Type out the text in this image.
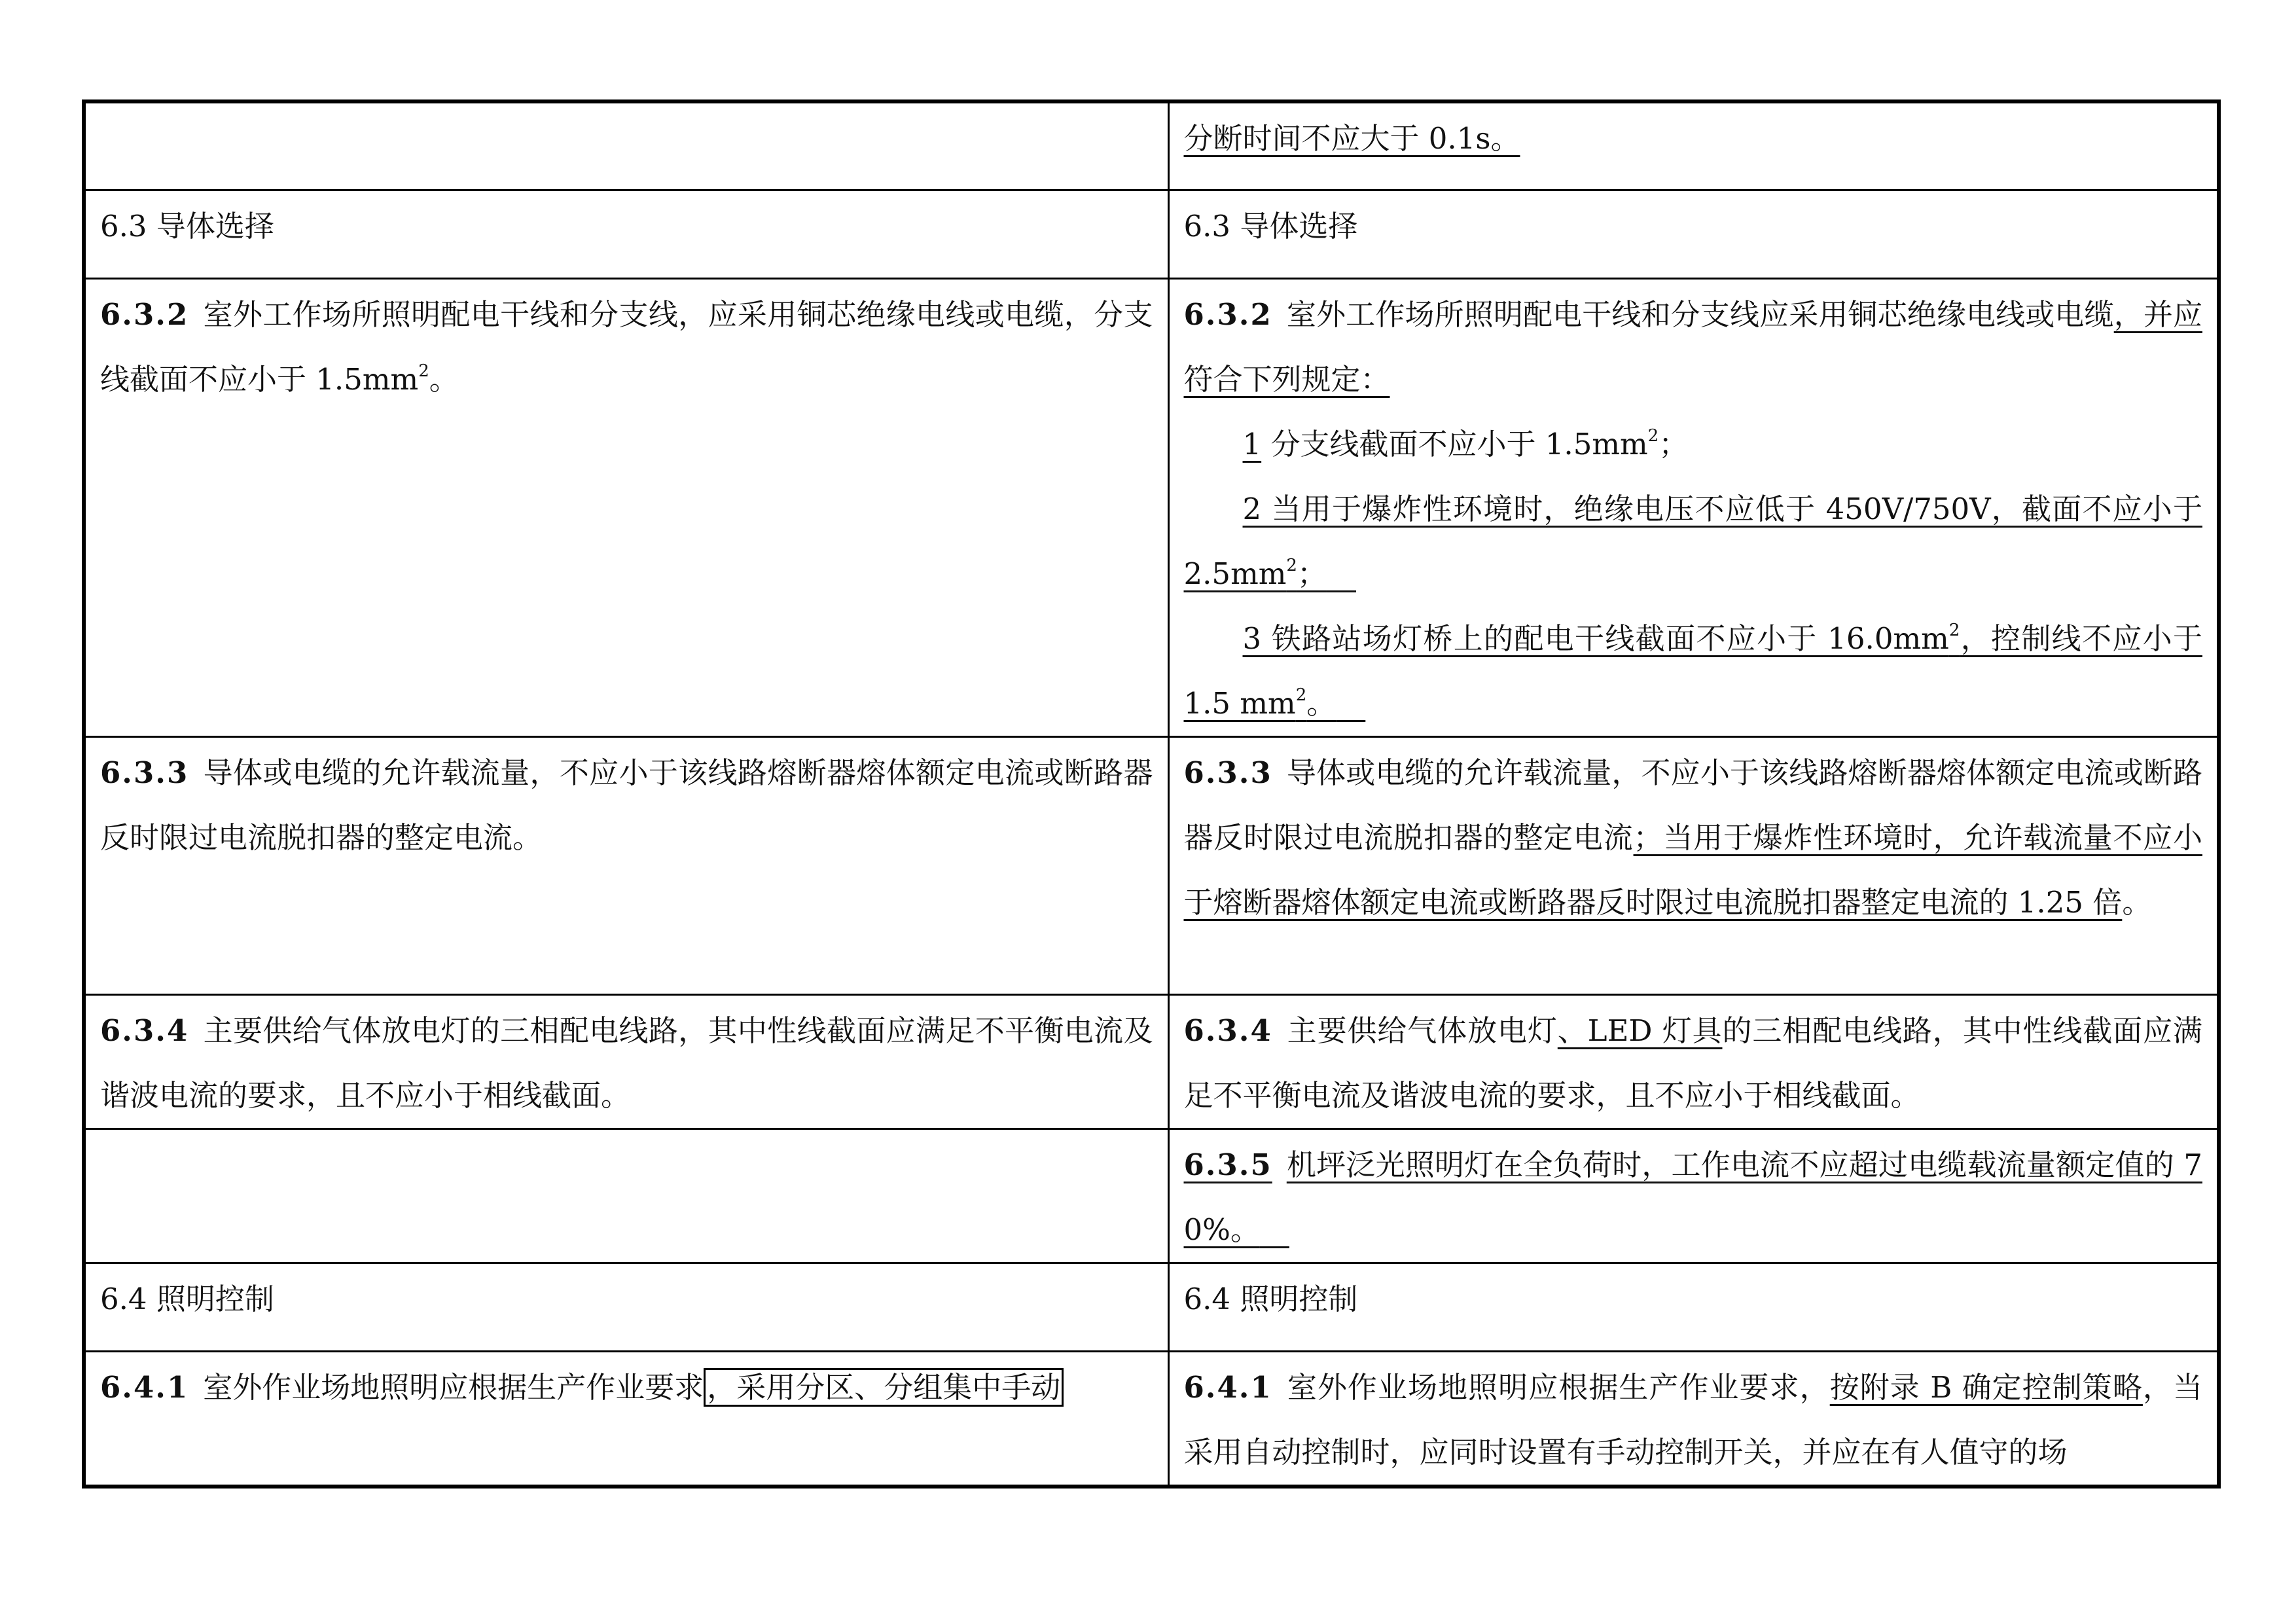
	分断时间不应大于 0.1s。
6.3 导体选择	6.3 导体选择
6.3.2 室外工作场所照明配电干线和分支线，应采用铜芯绝缘电线或电缆，分支线截面不应小于 $1.5mm^2$。	6.3.2 室外工作场所照明配电干线和分支线应采用铜芯绝缘电线或电缆，并应符合下列规定： 
1 分支线截面不应小于 $1.5mm^2$；
2 当用于爆炸性环境时，绝缘电压不应低于 450V/750V，截面不应小于 $2.5mm^2$； 
3 铁路站场灯桥上的配电干线截面不应小于 $16.0mm^2$，控制线不应小于 1.5 $mm^2$。 

6.3.3 导体或电缆的允许载流量，不应小于该线路熔断器熔体额定电流或断路器反时限过电流脱扣器的整定电流。	6.3.3 导体或电缆的允许载流量，不应小于该线路熔断器熔体额定电流或断路器反时限过电流脱扣器的整定电流；当用于爆炸性环境时，允许载流量不应小于熔断器熔体额定电流或断路器反时限过电流脱扣器整定电流的 1.25 倍。
6.3.4 主要供给气体放电灯的三相配电线路，其中性线截面应满足不平衡电流及谐波电流的要求，且不应小于相线截面。	6.3.4 主要供给气体放电灯、LED 灯具的三相配电线路，其中性线截面应满足不平衡电流及谐波电流的要求，且不应小于相线截面。
	6.3.5 机坪泛光照明灯在全负荷时，工作电流不应超过电缆载流量额定值的 70%。 
6.4 照明控制	6.4 照明控制
6.4.1 室外作业场地照明应根据生产作业要求 ，采用分区、分组集中手动	6.4.1 室外作业场地照明应根据生产作业要求，按附录 B 确定控制策略，当采用自动控制时，应同时设置有手动控制开关，并应在有人值守的场
